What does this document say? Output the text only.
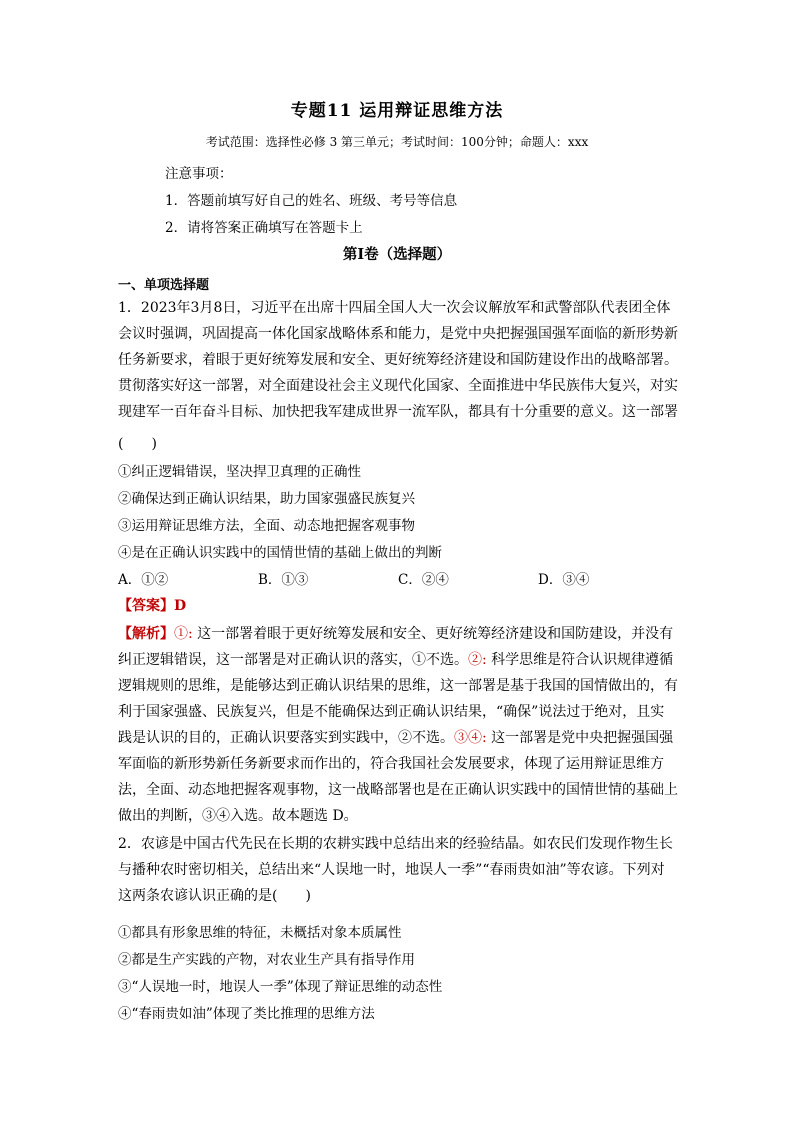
专题11 运用辩证思维方法
考试范围：选择性必修 3 第三单元；考试时间：100分钟；命题人：xxx
注意事项：
1．答题前填写好自己的姓名、班级、考号等信息
2．请将答案正确填写在答题卡上
第I卷（选择题）
一、单项选择题
1．2023年3月8日，习近平在出席十四届全国人大一次会议解放军和武警部队代表团全体会议时强调，巩固提高一体化国家战略体系和能力，是党中央把握强国强军面临的新形势新任务新要求，着眼于更好统筹发展和安全、更好统筹经济建设和国防建设作出的战略部署。贯彻落实好这一部署，对全面建设社会主义现代化国家、全面推进中华民族伟大复兴，对实现建军一百年奋斗目标、加快把我军建成世界一流军队，都具有十分重要的意义。这一部署
(　　)
①纠正逻辑错误，坚决捍卫真理的正确性
②确保达到正确认识结果，助力国家强盛民族复兴
③运用辩证思维方法，全面、动态地把握客观事物
④是在正确认识实践中的国情世情的基础上做出的判断
A．①②	B．①③	C．②④	D．③④
【答案】D
【解析】①: 这一部署着眼于更好统筹发展和安全、更好统筹经济建设和国防建设，并没有纠正逻辑错误，这一部署是对正确认识的落实，①不选。②: 科学思维是符合认识规律遵循逻辑规则的思维，是能够达到正确认识结果的思维，这一部署是基于我国的国情做出的，有利于国家强盛、民族复兴，但是不能确保达到正确认识结果，“确保”说法过于绝对，且实践是认识的目的，正确认识要落实到实践中，②不选。③④: 这一部署是党中央把握强国强军面临的新形势新任务新要求而作出的，符合我国社会发展要求，体现了运用辩证思维方法，全面、动态地把握客观事物，这一战略部署也是在正确认识实践中的国情世情的基础上做出的判断，③④入选。故本题选 D。
2．农谚是中国古代先民在长期的农耕实践中总结出来的经验结晶。如农民们发现作物生长与播种农时密切相关，总结出来“人误地一时，地误人一季”“春雨贵如油”等农谚。下列对这两条农谚认识正确的是(　　)
①都具有形象思维的特征，未概括对象本质属性
②都是生产实践的产物，对农业生产具有指导作用
③“人误地一时，地误人一季”体现了辩证思维的动态性
④“春雨贵如油”体现了类比推理的思维方法
